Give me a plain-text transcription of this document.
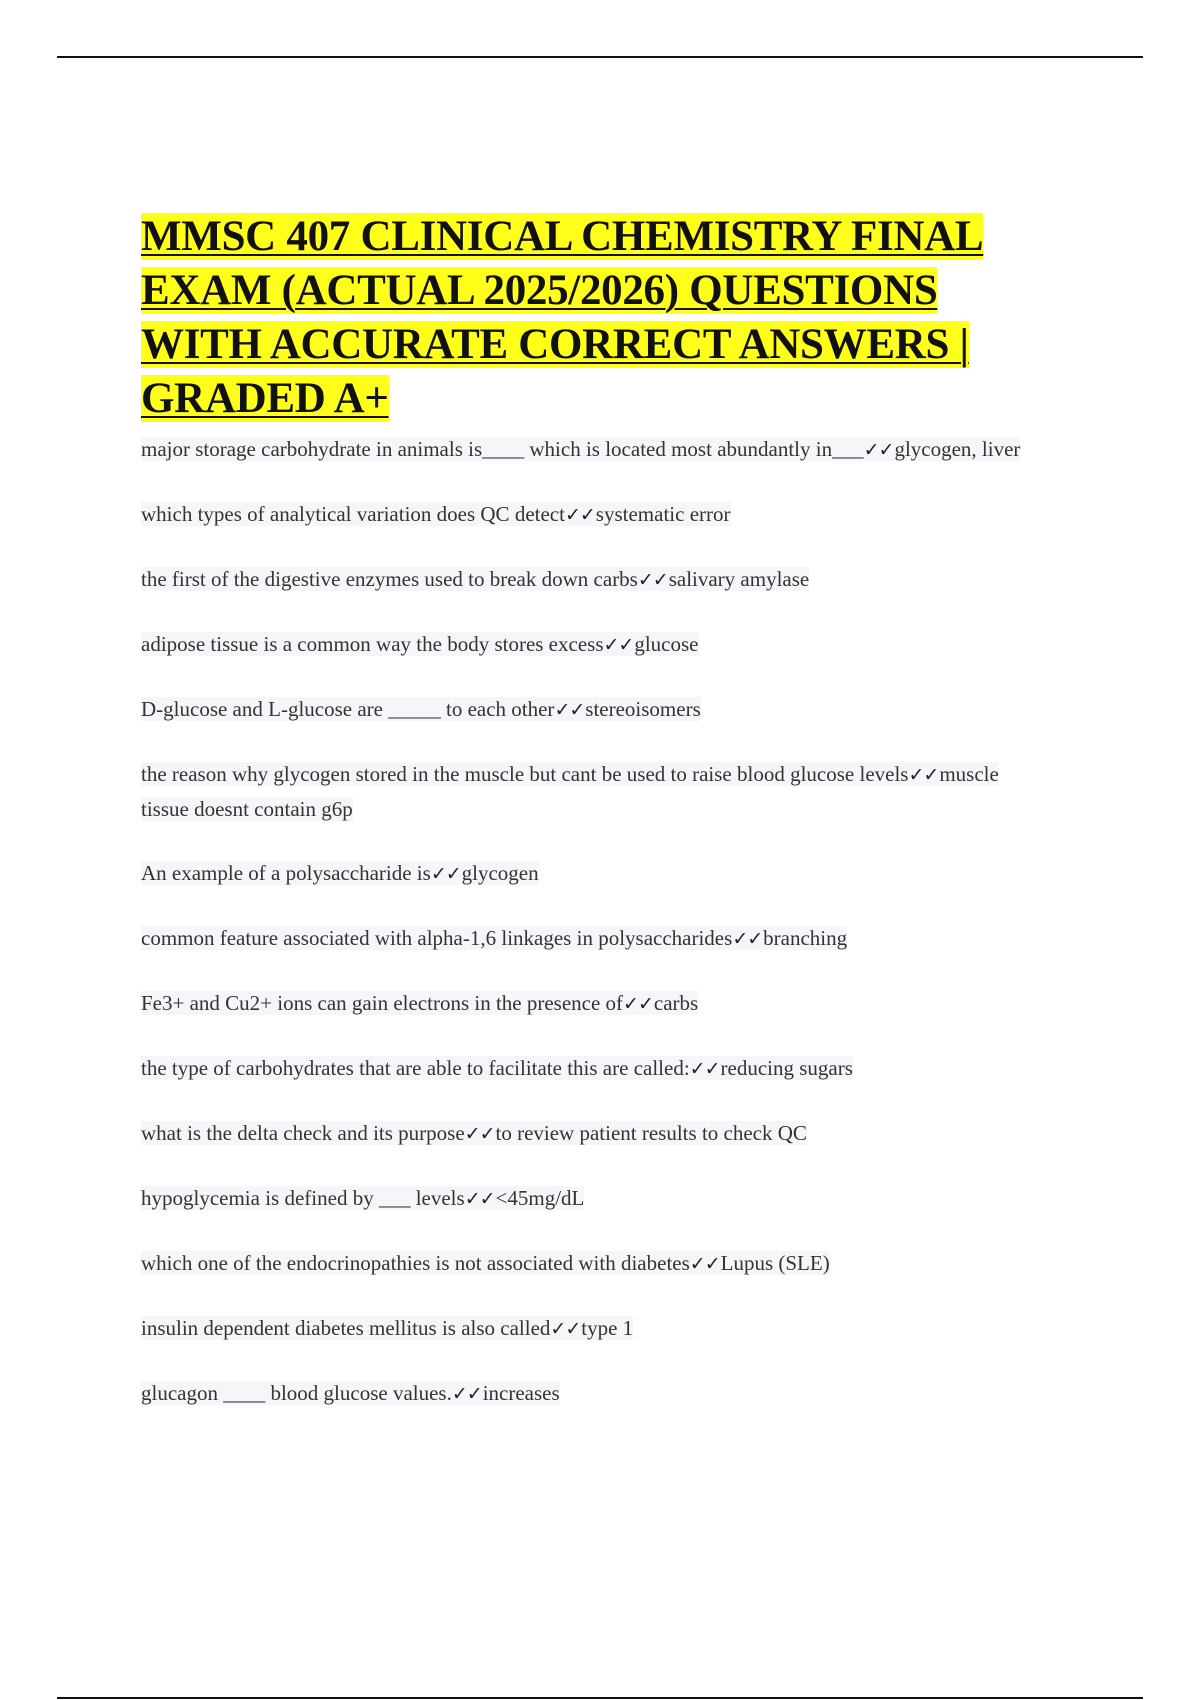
MMSC 407 CLINICAL CHEMISTRY FINAL EXAM (ACTUAL 2025/2026) QUESTIONS WITH ACCURATE CORRECT ANSWERS | GRADED A+
major storage carbohydrate in animals is____ which is located most abundantly in___✓✓glycogen, liver
which types of analytical variation does QC detect✓✓systematic error
the first of the digestive enzymes used to break down carbs✓✓salivary amylase
adipose tissue is a common way the body stores excess✓✓glucose
D-glucose and L-glucose are _____ to each other✓✓stereoisomers
the reason why glycogen stored in the muscle but cant be used to raise blood glucose levels✓✓muscle tissue doesnt contain g6p
An example of a polysaccharide is✓✓glycogen
common feature associated with alpha-1,6 linkages in polysaccharides✓✓branching
Fe3+ and Cu2+ ions can gain electrons in the presence of✓✓carbs
the type of carbohydrates that are able to facilitate this are called:✓✓reducing sugars
what is the delta check and its purpose✓✓to review patient results to check QC
hypoglycemia is defined by ___ levels✓✓<45mg/dL
which one of the endocrinopathies is not associated with diabetes✓✓Lupus (SLE)
insulin dependent diabetes mellitus is also called✓✓type 1
glucagon ____ blood glucose values.✓✓increases
